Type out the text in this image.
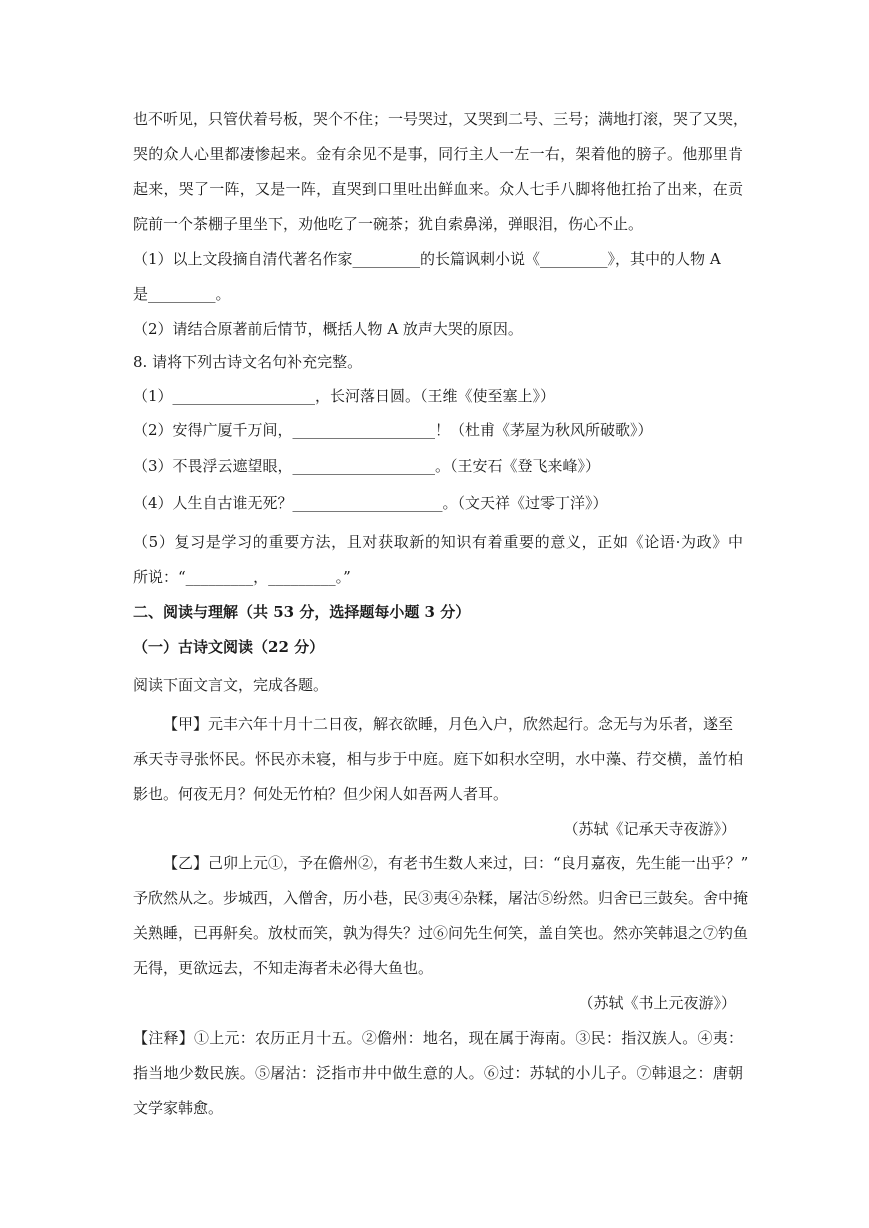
也不听见，只管伏着号板，哭个不住；一号哭过，又哭到二号、三号；满地打滚，哭了又哭，
哭的众人心里都凄惨起来。金有余见不是事，同行主人一左一右，架着他的膀子。他那里肯
起来，哭了一阵，又是一阵，直哭到口里吐出鲜血来。众人七手八脚将他扛抬了出来，在贡
院前一个茶棚子里坐下，劝他吃了一碗茶；犹自索鼻涕，弹眼泪，伤心不止。
（1）以上文段摘自清代著名作家_________的长篇讽刺小说《_________》，其中的人物 A
是_________。
（2）请结合原著前后情节，概括人物 A 放声大哭的原因。
8. 请将下列古诗文名句补充完整。
（1）___________________，长河落日圆。（王维《使至塞上》）
（2）安得广厦千万间，___________________！（杜甫《茅屋为秋风所破歌》）
（3）不畏浮云遮望眼，___________________。（王安石《登飞来峰》）
（4）人生自古谁无死？____________________。（文天祥《过零丁洋》）
（5）复习是学习的重要方法，且对获取新的知识有着重要的意义，正如《论语·为政》中
所说：“_________，_________。”
二、阅读与理解（共 53 分，选择题每小题 3 分）
（一）古诗文阅读（22 分）
阅读下面文言文，完成各题。
【甲】元丰六年十月十二日夜，解衣欲睡，月色入户，欣然起行。念无与为乐者，遂至
承天寺寻张怀民。怀民亦未寝，相与步于中庭。庭下如积水空明，水中藻、荇交横，盖竹柏
影也。何夜无月？何处无竹柏？但少闲人如吾两人者耳。
（苏轼《记承天寺夜游》）
【乙】己卯上元①，予在儋州②，有老书生数人来过，曰：“良月嘉夜，先生能一出乎？”
予欣然从之。步城西，入僧舍，历小巷，民③夷④杂糅，屠沽⑤纷然。归舍已三鼓矣。舍中掩
关熟睡，已再鼾矣。放杖而笑，孰为得失？过⑥问先生何笑，盖自笑也。然亦笑韩退之⑦钓鱼
无得，更欲远去，不知走海者未必得大鱼也。
（苏轼《书上元夜游》）
【注释】①上元：农历正月十五。②儋州：地名，现在属于海南。③民：指汉族人。④夷：
指当地少数民族。⑤屠沽：泛指市井中做生意的人。⑥过：苏轼的小儿子。⑦韩退之：唐朝
文学家韩愈。
